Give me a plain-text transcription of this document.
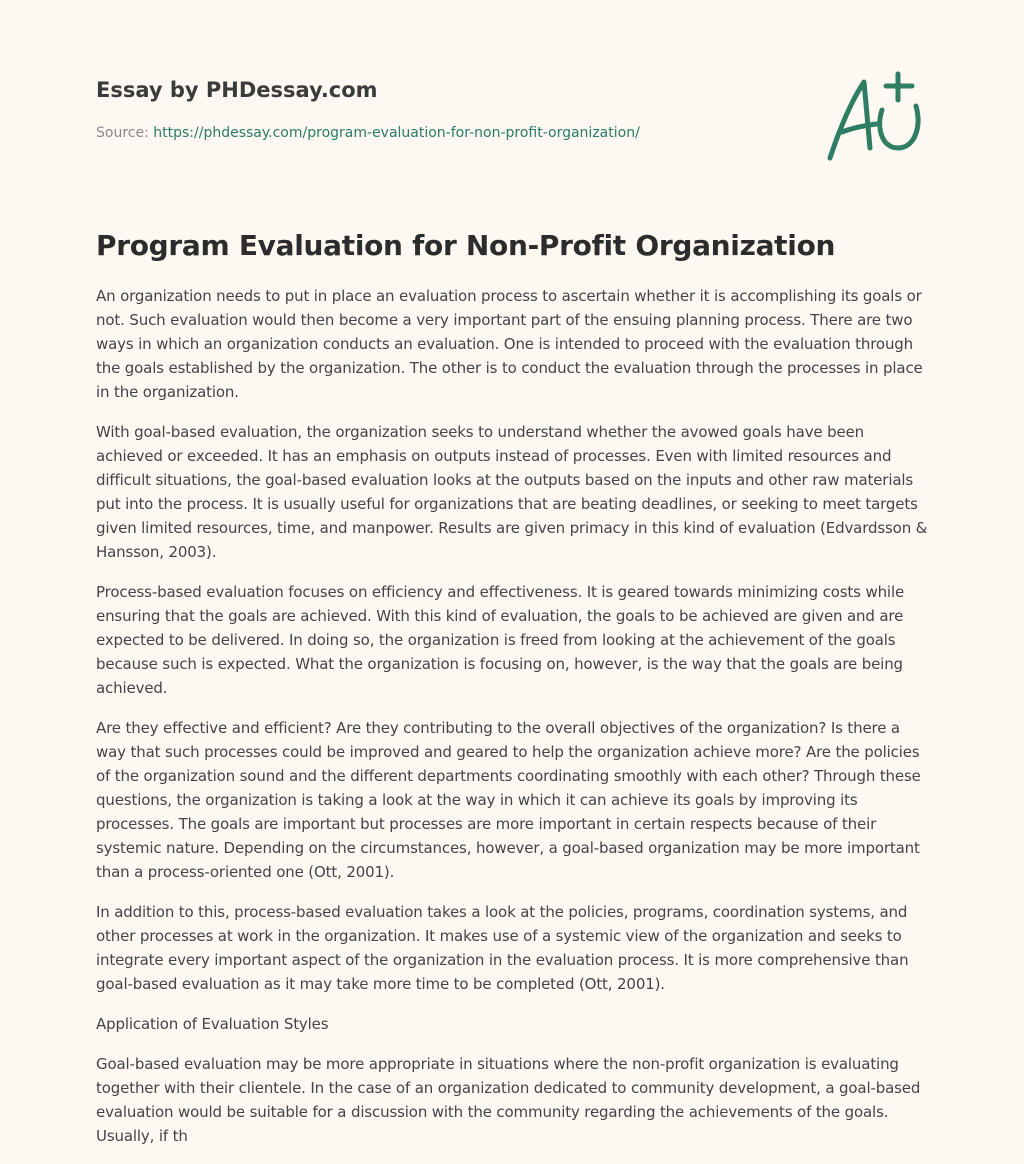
Essay by PHDessay.com
Source: https://phdessay.com/program-evaluation-for-non-profit-organization/
Program Evaluation for Non-Profit Organization

An organization needs to put in place an evaluation process to ascertain whether it is accomplishing its goals or not. Such evaluation would then become a very important part of the ensuing planning process. There are two ways in which an organization conducts an evaluation. One is intended to proceed with the evaluation through the goals established by the organization. The other is to conduct the evaluation through the processes in place in the organization.

With goal-based evaluation, the organization seeks to understand whether the avowed goals have been achieved or exceeded. It has an emphasis on outputs instead of processes. Even with limited resources and difficult situations, the goal-based evaluation looks at the outputs based on the inputs and other raw materials put into the process. It is usually useful for organizations that are beating deadlines, or seeking to meet targets given limited resources, time, and manpower. Results are given primacy in this kind of evaluation (Edvardsson & Hansson, 2003).

Process-based evaluation focuses on efficiency and effectiveness. It is geared towards minimizing costs while ensuring that the goals are achieved. With this kind of evaluation, the goals to be achieved are given and are expected to be delivered. In doing so, the organization is freed from looking at the achievement of the goals because such is expected. What the organization is focusing on, however, is the way that the goals are being achieved.

Are they effective and efficient? Are they contributing to the overall objectives of the organization? Is there a way that such processes could be improved and geared to help the organization achieve more? Are the policies of the organization sound and the different departments coordinating smoothly with each other? Through these questions, the organization is taking a look at the way in which it can achieve its goals by improving its processes. The goals are important but processes are more important in certain respects because of their systemic nature. Depending on the circumstances, however, a goal-based organization may be more important than a process-oriented one (Ott, 2001).

In addition to this, process-based evaluation takes a look at the policies, programs, coordination systems, and other processes at work in the organization. It makes use of a systemic view of the organization and seeks to integrate every important aspect of the organization in the evaluation process. It is more comprehensive than goal-based evaluation as it may take more time to be completed (Ott, 2001).

Application of Evaluation Styles

Goal-based evaluation may be more appropriate in situations where the non-profit organization is evaluating together with their clientele. In the case of an organization dedicated to community development, a goal-based evaluation would be suitable for a discussion with the community regarding the achievements of the goals. Usually, if th
